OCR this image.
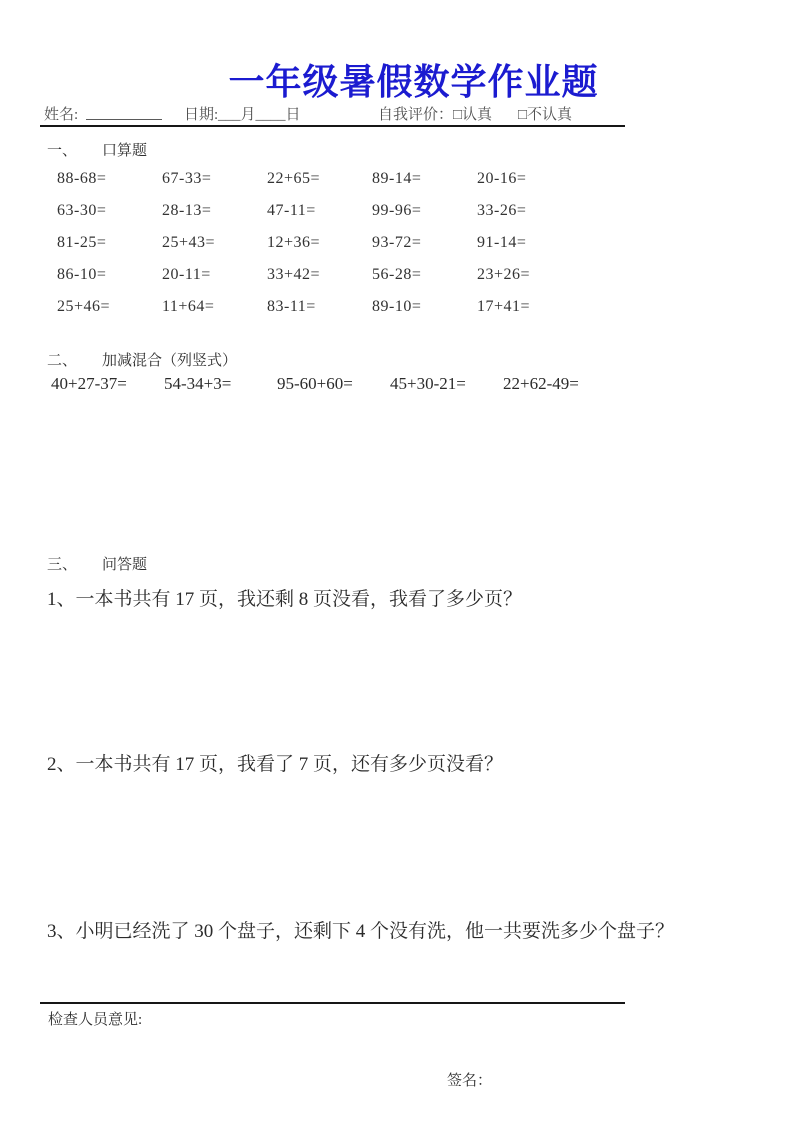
一年级暑假数学作业题
姓名:	日期: ___月____日	自我评价： □认真 □不认真
一、 口算题
88-68=	67-33=	22+65=	89-14=	20-16=
63-30=	28-13=	47-11=	99-96=	33-26=
81-25=	25+43=	12+36=	93-72=	91-14=
86-10=	20-11=	33+42=	56-28=	23+26=
25+46=	11+64=	83-11=	89-10=	17+41=
二、 加减混合（列竖式）
40+27-37=	54-34+3=	95-60+60=	45+30-21=	22+62-49=
三、 问答题
1、一本书共有 17 页，我还剩 8 页没看，我看了多少页？
2、一本书共有 17 页，我看了 7 页，还有多少页没看？
3、小明已经洗了 30 个盘子，还剩下 4 个没有洗，他一共要洗多少个盘子？
检查人员意见:
签名：
